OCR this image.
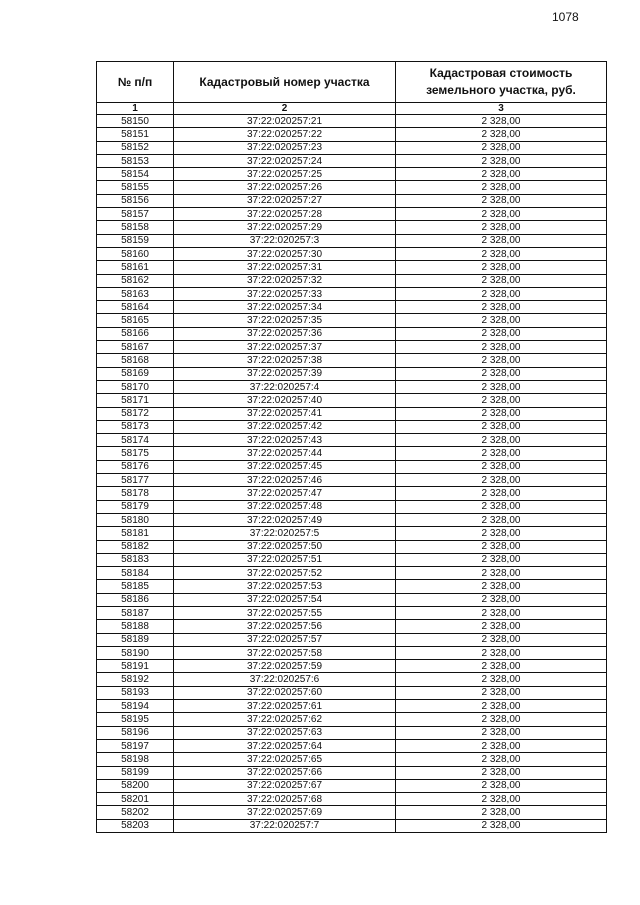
1078
№ п/п	Кадастровый номер участка	Кадастровая стоимость земельного участка, руб.
1	2	3
58150	37:22:020257:21	2 328,00
58151	37:22:020257:22	2 328,00
58152	37:22:020257:23	2 328,00
58153	37:22:020257:24	2 328,00
58154	37:22:020257:25	2 328,00
58155	37:22:020257:26	2 328,00
58156	37:22:020257:27	2 328,00
58157	37:22:020257:28	2 328,00
58158	37:22:020257:29	2 328,00
58159	37:22:020257:3	2 328,00
58160	37:22:020257:30	2 328,00
58161	37:22:020257:31	2 328,00
58162	37:22:020257:32	2 328,00
58163	37:22:020257:33	2 328,00
58164	37:22:020257:34	2 328,00
58165	37:22:020257:35	2 328,00
58166	37:22:020257:36	2 328,00
58167	37:22:020257:37	2 328,00
58168	37:22:020257:38	2 328,00
58169	37:22:020257:39	2 328,00
58170	37:22:020257:4	2 328,00
58171	37:22:020257:40	2 328,00
58172	37:22:020257:41	2 328,00
58173	37:22:020257:42	2 328,00
58174	37:22:020257:43	2 328,00
58175	37:22:020257:44	2 328,00
58176	37:22:020257:45	2 328,00
58177	37:22:020257:46	2 328,00
58178	37:22:020257:47	2 328,00
58179	37:22:020257:48	2 328,00
58180	37:22:020257:49	2 328,00
58181	37:22:020257:5	2 328,00
58182	37:22:020257:50	2 328,00
58183	37:22:020257:51	2 328,00
58184	37:22:020257:52	2 328,00
58185	37:22:020257:53	2 328,00
58186	37:22:020257:54	2 328,00
58187	37:22:020257:55	2 328,00
58188	37:22:020257:56	2 328,00
58189	37:22:020257:57	2 328,00
58190	37:22:020257:58	2 328,00
58191	37:22:020257:59	2 328,00
58192	37:22:020257:6	2 328,00
58193	37:22:020257:60	2 328,00
58194	37:22:020257:61	2 328,00
58195	37:22:020257:62	2 328,00
58196	37:22:020257:63	2 328,00
58197	37:22:020257:64	2 328,00
58198	37:22:020257:65	2 328,00
58199	37:22:020257:66	2 328,00
58200	37:22:020257:67	2 328,00
58201	37:22:020257:68	2 328,00
58202	37:22:020257:69	2 328,00
58203	37:22:020257:7	2 328,00
